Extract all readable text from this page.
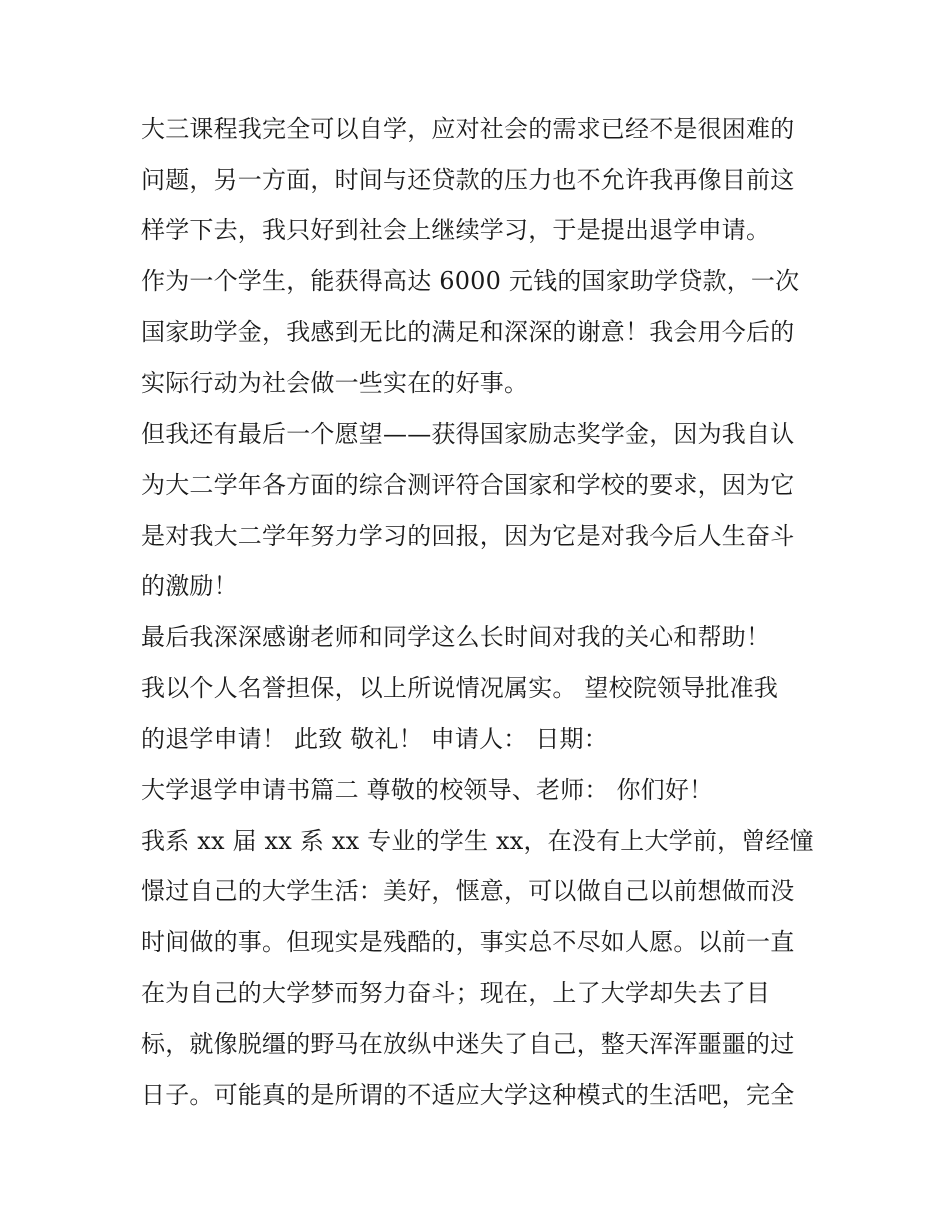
大三课程我完全可以自学，应对社会的需求已经不是很困难的
问题，另一方面，时间与还贷款的压力也不允许我再像目前这
样学下去，我只好到社会上继续学习，于是提出退学申请。
作为一个学生，能获得高达 6000 元钱的国家助学贷款，一次
国家助学金，我感到无比的满足和深深的谢意！我会用今后的
实际行动为社会做一些实在的好事。
但我还有最后一个愿望——获得国家励志奖学金，因为我自认
为大二学年各方面的综合测评符合国家和学校的要求，因为它
是对我大二学年努力学习的回报，因为它是对我今后人生奋斗
的激励！
最后我深深感谢老师和同学这么长时间对我的关心和帮助！
我以个人名誉担保，以上所说情况属实。 望校院领导批准我
的退学申请！ 此致 敬礼！ 申请人： 日期：
大学退学申请书篇二 尊敬的校领导、老师： 你们好！
我系 xx 届 xx 系 xx 专业的学生 xx，在没有上大学前，曾经憧
憬过自己的大学生活：美好，惬意，可以做自己以前想做而没
时间做的事。但现实是残酷的，事实总不尽如人愿。以前一直
在为自己的大学梦而努力奋斗；现在，上了大学却失去了目
标，就像脱缰的野马在放纵中迷失了自己，整天浑浑噩噩的过
日子。可能真的是所谓的不适应大学这种模式的生活吧，完全
